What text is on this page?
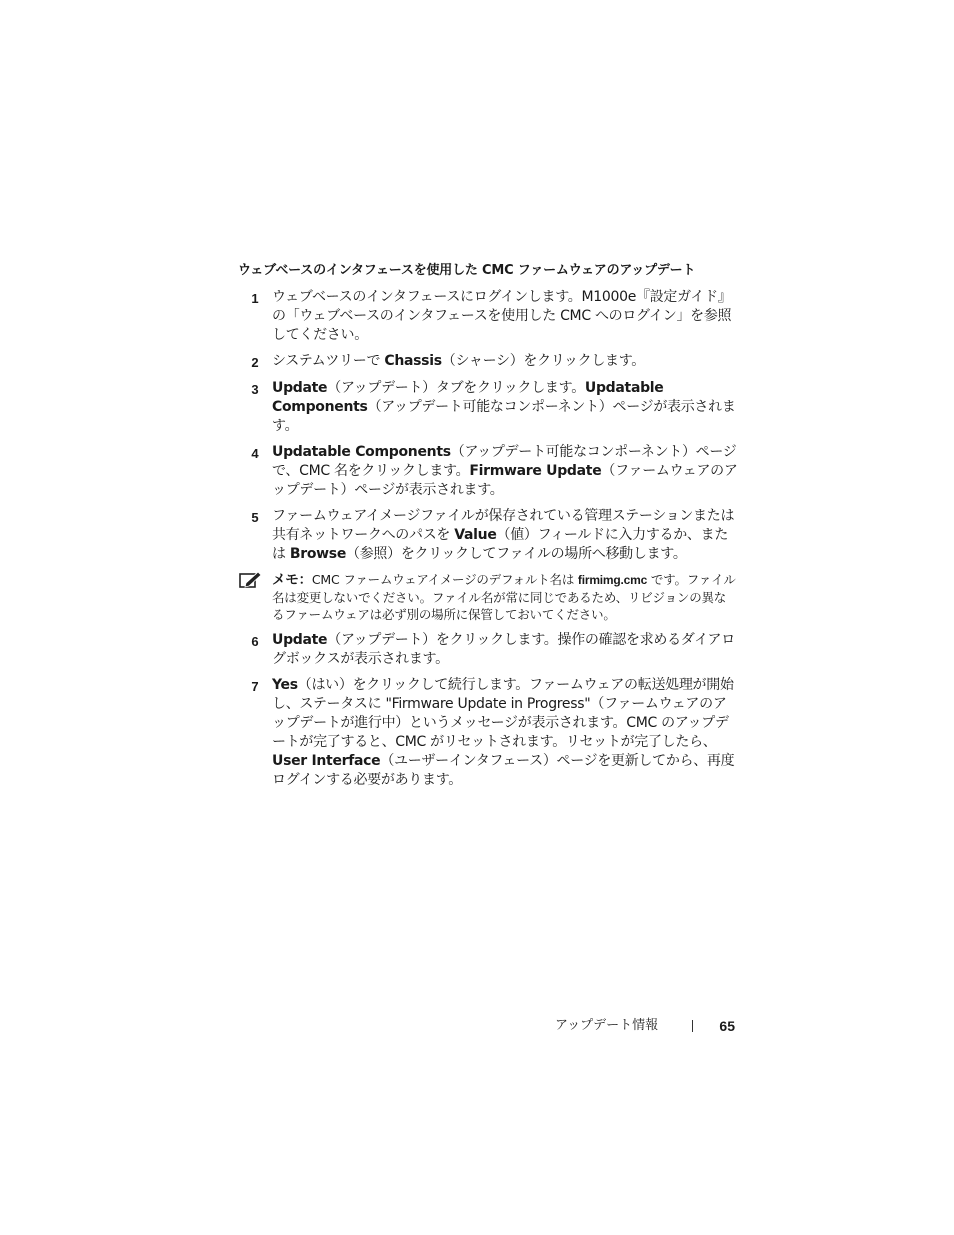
ウェブベースのインタフェースを使用した CMC ファームウェアのアップデート
1 ウェブベースのインタフェースにログインします。M1000e『設定ガイド』の「ウェブベースのインタフェースを使用した CMC へのログイン」を参照してください。
2 システムツリーで Chassis（シャーシ）をクリックします。
3 Update（アップデート）タブをクリックします。Updatable Components（アップデート可能なコンポーネント）ページが表示されます。
4 Updatable Components（アップデート可能なコンポーネント）ページで、CMC 名をクリックします。Firmware Update（ファームウェアのアップデート）ページが表示されます。
5 ファームウェアイメージファイルが保存されている管理ステーションまたは共有ネットワークへのパスを Value（値）フィールドに入力するか、または Browse（参照）をクリックしてファイルの場所へ移動します。
メモ：CMC ファームウェアイメージのデフォルト名は firmimg.cmc です。ファイル名は変更しないでください。ファイル名が常に同じであるため、リビジョンの異なるファームウェアは必ず別の場所に保管しておいてください。
6 Update（アップデート）をクリックします。操作の確認を求めるダイアログボックスが表示されます。
7 Yes（はい）をクリックして続行します。ファームウェアの転送処理が開始し、ステータスに "Firmware Update in Progress"（ファームウェアのアップデートが進行中）というメッセージが表示されます。CMC のアップデートが完了すると、CMC がリセットされます。リセットが完了したら、User Interface（ユーザーインタフェース）ページを更新してから、再度ログインする必要があります。
アップデート情報	65
